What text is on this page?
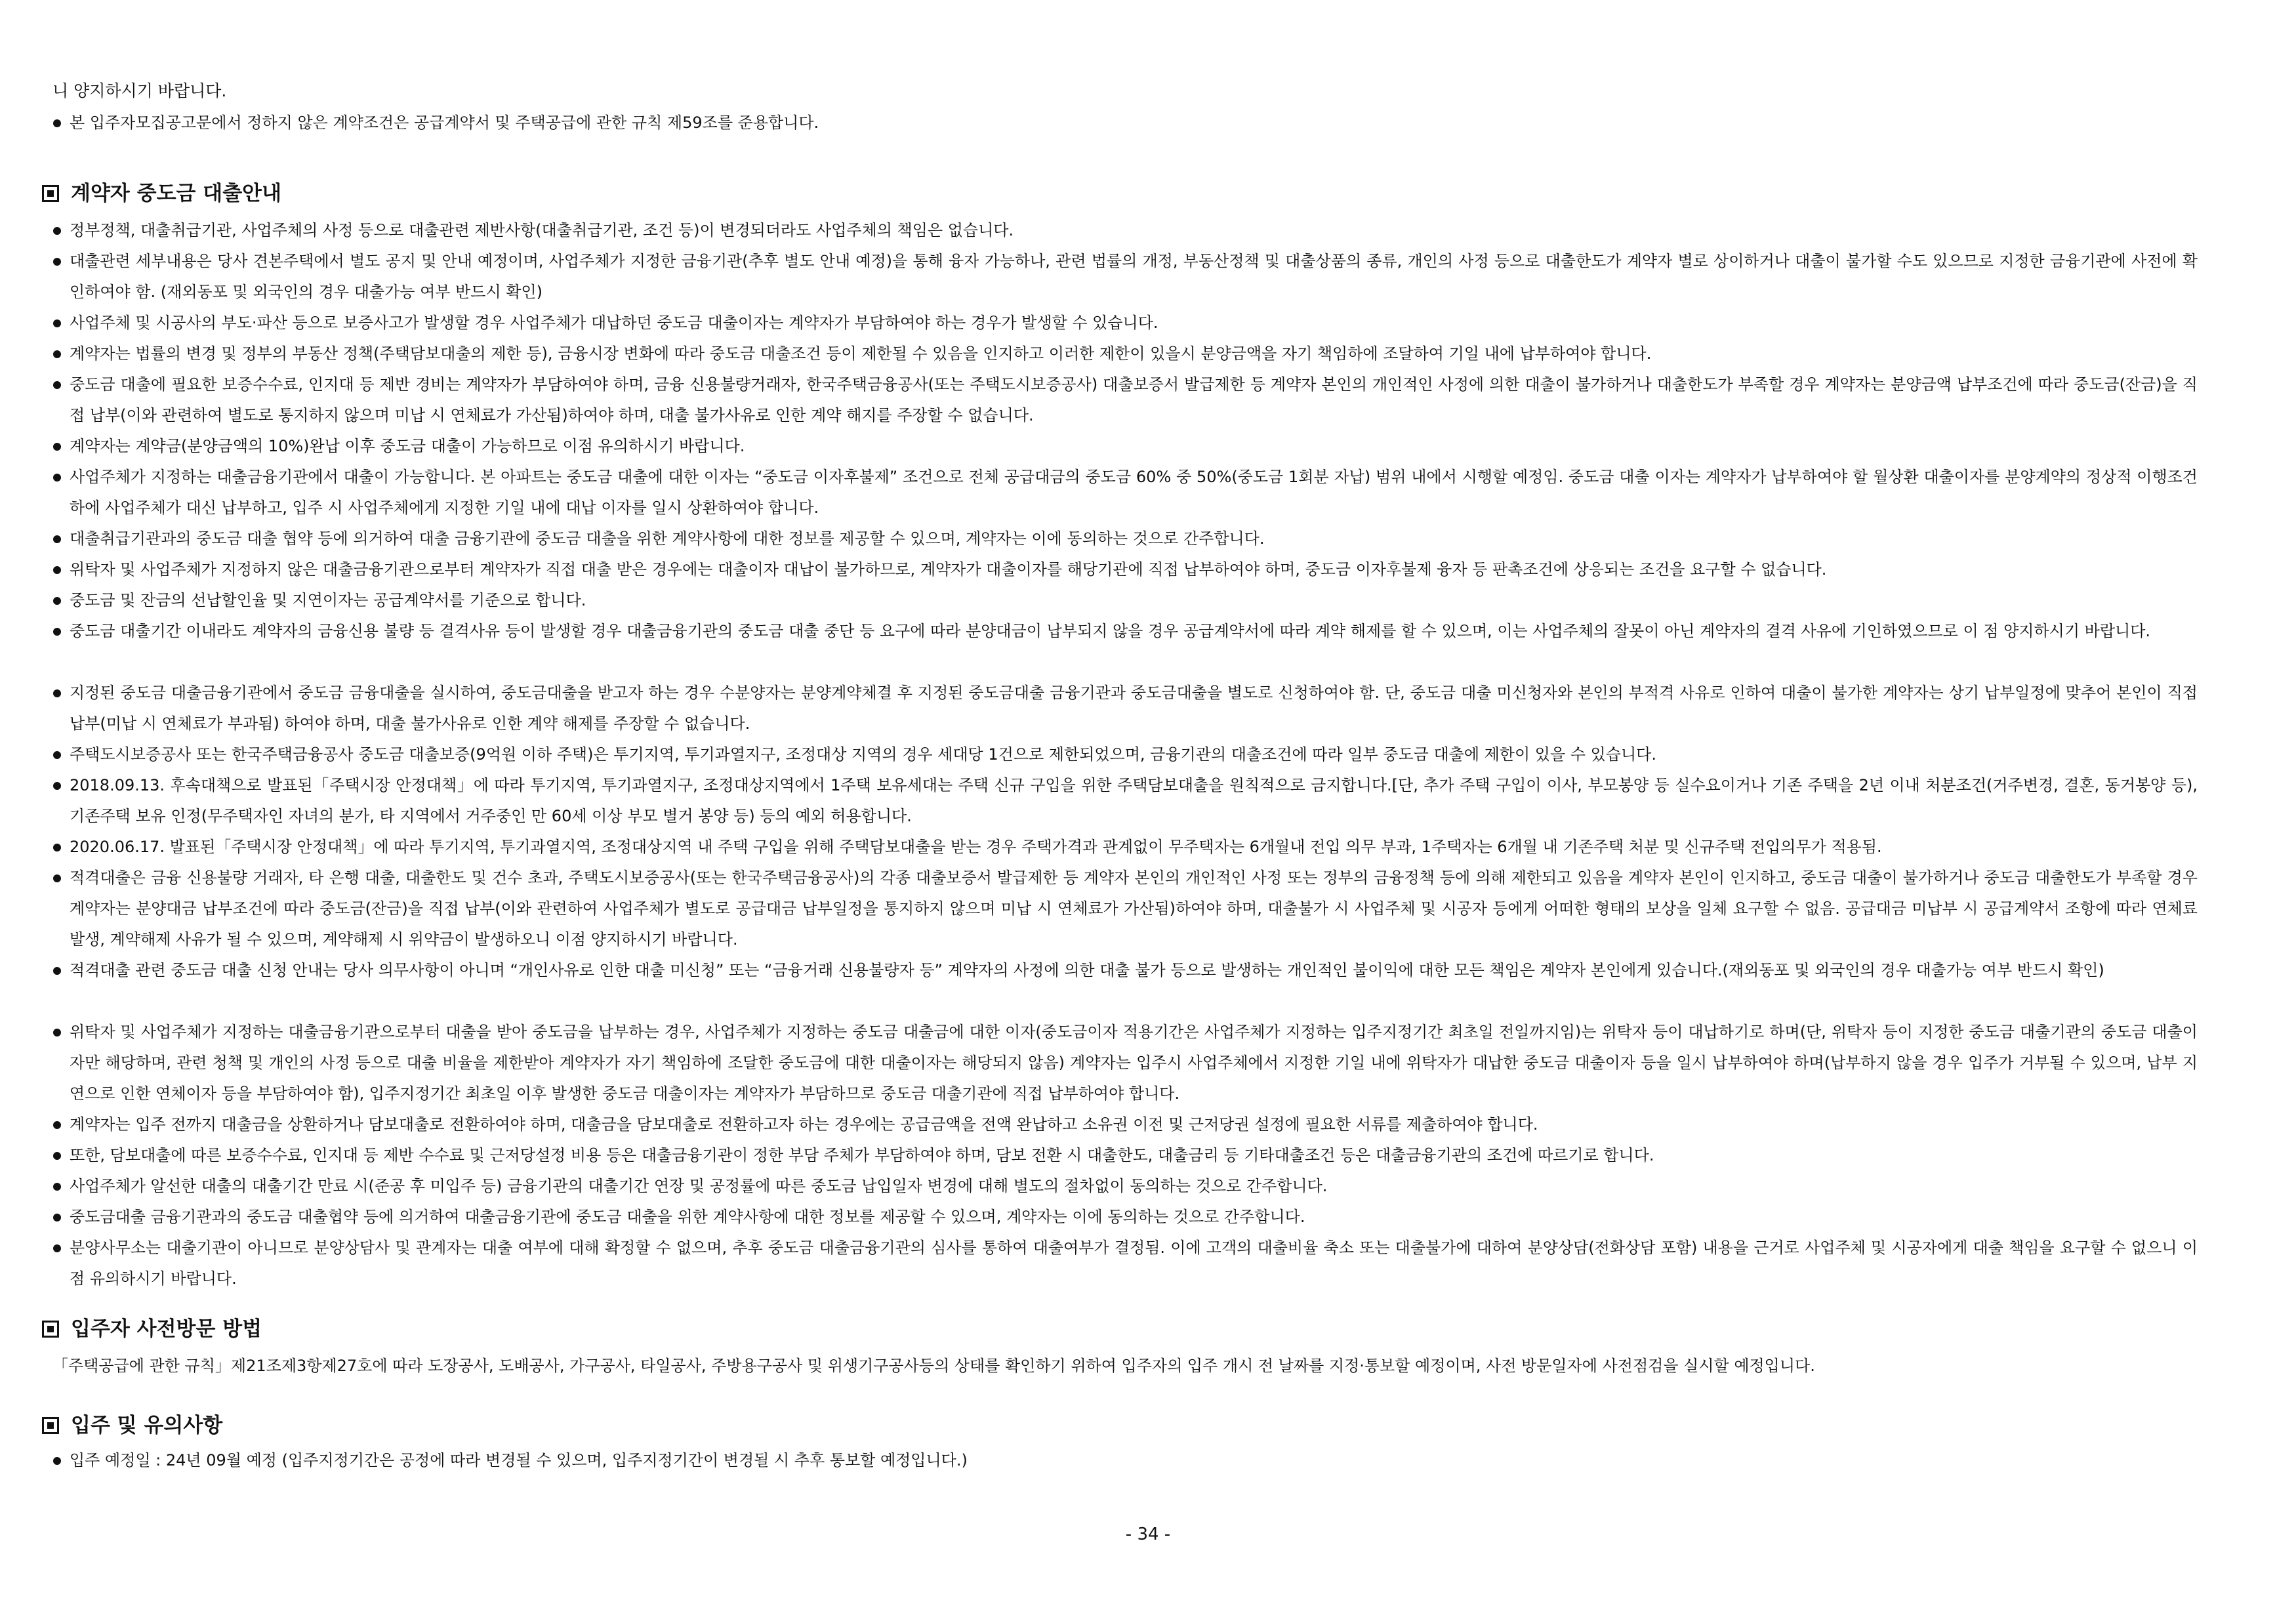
니 양지하시기 바랍니다.
본 입주자모집공고문에서 정하지 않은 계약조건은 공급계약서 및 주택공급에 관한 규칙 제59조를 준용합니다.
계약자 중도금 대출안내
정부정책, 대출취급기관, 사업주체의 사정 등으로 대출관련 제반사항(대출취급기관, 조건 등)이 변경되더라도 사업주체의 책임은 없습니다.
대출관련 세부내용은 당사 견본주택에서 별도 공지 및 안내 예정이며, 사업주체가 지정한 금융기관(추후 별도 안내 예정)을 통해 융자 가능하나, 관련 법률의 개정, 부동산정책 및 대출상품의 종류, 개인의 사정 등으로 대출한도가 계약자 별로 상이하거나 대출이 불가할 수도 있으므로 지정한 금융기관에 사전에 확인하여야 함. (재외동포 및 외국인의 경우 대출가능 여부 반드시 확인)
사업주체 및 시공사의 부도·파산 등으로 보증사고가 발생할 경우 사업주체가 대납하던 중도금 대출이자는 계약자가 부담하여야 하는 경우가 발생할 수 있습니다.
계약자는 법률의 변경 및 정부의 부동산 정책(주택담보대출의 제한 등), 금융시장 변화에 따라 중도금 대출조건 등이 제한될 수 있음을 인지하고 이러한 제한이 있을시 분양금액을 자기 책임하에 조달하여 기일 내에 납부하여야 합니다.
중도금 대출에 필요한 보증수수료, 인지대 등 제반 경비는 계약자가 부담하여야 하며, 금융 신용불량거래자, 한국주택금융공사(또는 주택도시보증공사) 대출보증서 발급제한 등 계약자 본인의 개인적인 사정에 의한 대출이 불가하거나 대출한도가 부족할 경우 계약자는 분양금액 납부조건에 따라 중도금(잔금)을 직접 납부(이와 관련하여 별도로 통지하지 않으며 미납 시 연체료가 가산됨)하여야 하며, 대출 불가사유로 인한 계약 해지를 주장할 수 없습니다.
계약자는 계약금(분양금액의 10%)완납 이후 중도금 대출이 가능하므로 이점 유의하시기 바랍니다.
사업주체가 지정하는 대출금융기관에서 대출이 가능합니다. 본 아파트는 중도금 대출에 대한 이자는 “중도금 이자후불제” 조건으로 전체 공급대금의 중도금 60% 중 50%(중도금 1회분 자납) 범위 내에서 시행할 예정임. 중도금 대출 이자는 계약자가 납부하여야 할 월상환 대출이자를 분양계약의 정상적 이행조건하에 사업주체가 대신 납부하고, 입주 시 사업주체에게 지정한 기일 내에 대납 이자를 일시 상환하여야 합니다.
대출취급기관과의 중도금 대출 협약 등에 의거하여 대출 금융기관에 중도금 대출을 위한 계약사항에 대한 정보를 제공할 수 있으며, 계약자는 이에 동의하는 것으로 간주합니다.
위탁자 및 사업주체가 지정하지 않은 대출금융기관으로부터 계약자가 직접 대출 받은 경우에는 대출이자 대납이 불가하므로, 계약자가 대출이자를 해당기관에 직접 납부하여야 하며, 중도금 이자후불제 융자 등 판촉조건에 상응되는 조건을 요구할 수 없습니다.
중도금 및 잔금의 선납할인율 및 지연이자는 공급계약서를 기준으로 합니다.
중도금 대출기간 이내라도 계약자의 금융신용 불량 등 결격사유 등이 발생할 경우 대출금융기관의 중도금 대출 중단 등 요구에 따라 분양대금이 납부되지 않을 경우 공급계약서에 따라 계약 해제를 할 수 있으며, 이는 사업주체의 잘못이 아닌 계약자의 결격 사유에 기인하였으므로 이 점 양지하시기 바랍니다.
지정된 중도금 대출금융기관에서 중도금 금융대출을 실시하여, 중도금대출을 받고자 하는 경우 수분양자는 분양계약체결 후 지정된 중도금대출 금융기관과 중도금대출을 별도로 신청하여야 함. 단, 중도금 대출 미신청자와 본인의 부적격 사유로 인하여 대출이 불가한 계약자는 상기 납부일정에 맞추어 본인이 직접 납부(미납 시 연체료가 부과됨) 하여야 하며, 대출 불가사유로 인한 계약 해제를 주장할 수 없습니다.
주택도시보증공사 또는 한국주택금융공사 중도금 대출보증(9억원 이하 주택)은 투기지역, 투기과열지구, 조정대상 지역의 경우 세대당 1건으로 제한되었으며, 금융기관의 대출조건에 따라 일부 중도금 대출에 제한이 있을 수 있습니다.
2018.09.13. 후속대책으로 발표된「주택시장 안정대책」에 따라 투기지역, 투기과열지구, 조정대상지역에서 1주택 보유세대는 주택 신규 구입을 위한 주택담보대출을 원칙적으로 금지합니다.[단, 추가 주택 구입이 이사, 부모봉양 등 실수요이거나 기존 주택을 2년 이내 처분조건(거주변경, 결혼, 동거봉양 등), 기존주택 보유 인정(무주택자인 자녀의 분가, 타 지역에서 거주중인 만 60세 이상 부모 별거 봉양 등) 등의 예외 허용합니다.
2020.06.17. 발표된「주택시장 안정대책」에 따라 투기지역, 투기과열지역, 조정대상지역 내 주택 구입을 위해 주택담보대출을 받는 경우 주택가격과 관계없이 무주택자는 6개월내 전입 의무 부과, 1주택자는 6개월 내 기존주택 처분 및 신규주택 전입의무가 적용됨.
적격대출은 금융 신용불량 거래자, 타 은행 대출, 대출한도 및 건수 초과, 주택도시보증공사(또는 한국주택금융공사)의 각종 대출보증서 발급제한 등 계약자 본인의 개인적인 사정 또는 정부의 금융정책 등에 의해 제한되고 있음을 계약자 본인이 인지하고, 중도금 대출이 불가하거나 중도금 대출한도가 부족할 경우 계약자는 분양대금 납부조건에 따라 중도금(잔금)을 직접 납부(이와 관련하여 사업주체가 별도로 공급대금 납부일정을 통지하지 않으며 미납 시 연체료가 가산됨)하여야 하며, 대출불가 시 사업주체 및 시공자 등에게 어떠한 형태의 보상을 일체 요구할 수 없음. 공급대금 미납부 시 공급계약서 조항에 따라 연체료 발생, 계약해제 사유가 될 수 있으며, 계약해제 시 위약금이 발생하오니 이점 양지하시기 바랍니다.
적격대출 관련 중도금 대출 신청 안내는 당사 의무사항이 아니며 “개인사유로 인한 대출 미신청” 또는 “금융거래 신용불량자 등” 계약자의 사정에 의한 대출 불가 등으로 발생하는 개인적인 불이익에 대한 모든 책임은 계약자 본인에게 있습니다.(재외동포 및 외국인의 경우 대출가능 여부 반드시 확인)
위탁자 및 사업주체가 지정하는 대출금융기관으로부터 대출을 받아 중도금을 납부하는 경우, 사업주체가 지정하는 중도금 대출금에 대한 이자(중도금이자 적용기간은 사업주체가 지정하는 입주지정기간 최초일 전일까지임)는 위탁자 등이 대납하기로 하며(단, 위탁자 등이 지정한 중도금 대출기관의 중도금 대출이자만 해당하며, 관련 청책 및 개인의 사정 등으로 대출 비율을 제한받아 계약자가 자기 책임하에 조달한 중도금에 대한 대출이자는 해당되지 않음) 계약자는 입주시 사업주체에서 지정한 기일 내에 위탁자가 대납한 중도금 대출이자 등을 일시 납부하여야 하며(납부하지 않을 경우 입주가 거부될 수 있으며, 납부 지연으로 인한 연체이자 등을 부담하여야 함), 입주지정기간 최초일 이후 발생한 중도금 대출이자는 계약자가 부담하므로 중도금 대출기관에 직접 납부하여야 합니다.
계약자는 입주 전까지 대출금을 상환하거나 담보대출로 전환하여야 하며, 대출금을 담보대출로 전환하고자 하는 경우에는 공급금액을 전액 완납하고 소유권 이전 및 근저당권 설정에 필요한 서류를 제출하여야 합니다.
또한, 담보대출에 따른 보증수수료, 인지대 등 제반 수수료 및 근저당설정 비용 등은 대출금융기관이 정한 부담 주체가 부담하여야 하며, 담보 전환 시 대출한도, 대출금리 등 기타대출조건 등은 대출금융기관의 조건에 따르기로 합니다.
사업주체가 알선한 대출의 대출기간 만료 시(준공 후 미입주 등) 금융기관의 대출기간 연장 및 공정률에 따른 중도금 납입일자 변경에 대해 별도의 절차없이 동의하는 것으로 간주합니다.
중도금대출 금융기관과의 중도금 대출협약 등에 의거하여 대출금융기관에 중도금 대출을 위한 계약사항에 대한 정보를 제공할 수 있으며, 계약자는 이에 동의하는 것으로 간주합니다.
분양사무소는 대출기관이 아니므로 분양상담사 및 관계자는 대출 여부에 대해 확정할 수 없으며, 추후 중도금 대출금융기관의 심사를 통하여 대출여부가 결정됨. 이에 고객의 대출비율 축소 또는 대출불가에 대하여 분양상담(전화상담 포함) 내용을 근거로 사업주체 및 시공자에게 대출 책임을 요구할 수 없으니 이점 유의하시기 바랍니다.
입주자 사전방문 방법
「주택공급에 관한 규칙」제21조제3항제27호에 따라 도장공사, 도배공사, 가구공사, 타일공사, 주방용구공사 및 위생기구공사등의 상태를 확인하기 위하여 입주자의 입주 개시 전 날짜를 지정·통보할 예정이며, 사전 방문일자에 사전점검을 실시할 예정입니다.
입주 및 유의사항
입주 예정일 : 24년 09월 예정 (입주지정기간은 공정에 따라 변경될 수 있으며, 입주지정기간이 변경될 시 추후 통보할 예정입니다.)
- 34 -
